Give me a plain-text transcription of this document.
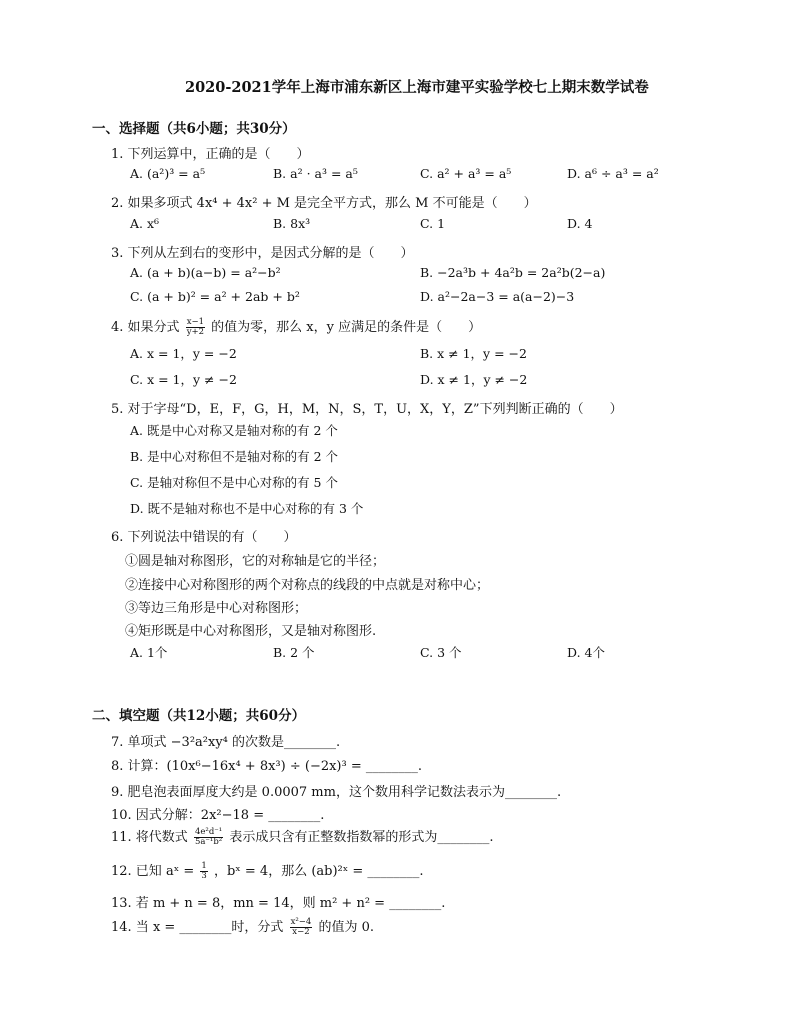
2020-2021学年上海市浦东新区上海市建平实验学校七上期末数学试卷
一、选择题（共6小题；共30分）
1. 下列运算中，正确的是（　　）
A. (a²)³ = a⁵	B. a² · a³ = a⁵	C. a² + a³ = a⁵	D. a⁶ ÷ a³ = a²
2. 如果多项式 4x⁴ + 4x² + M 是完全平方式，那么 M 不可能是（　　）
A. x⁶	B. 8x³	C. 1	D. 4
3. 下列从左到右的变形中，是因式分解的是（　　）
A. (a + b)(a−b) = a²−b²	B. −2a³b + 4a²b = 2a²b(2−a)
C. (a + b)² = a² + 2ab + b²	D. a²−2a−3 = a(a−2)−3
4. 如果分式 $\frac{x-1}{y+2}$ 的值为零，那么 x，y 应满足的条件是（　　）
A. x = 1，y = −2	B. x ≠ 1，y = −2
C. x = 1，y ≠ −2	D. x ≠ 1，y ≠ −2
5. 对于字母“D，E，F，G，H，M，N，S，T，U，X，Y，Z”下列判断正确的（　　）
A. 既是中心对称又是轴对称的有 2 个
B. 是中心对称但不是轴对称的有 2 个
C. 是轴对称但不是中心对称的有 5 个
D. 既不是轴对称也不是中心对称的有 3 个
6. 下列说法中错误的有（　　）
①圆是轴对称图形，它的对称轴是它的半径；
②连接中心对称图形的两个对称点的线段的中点就是对称中心；
③等边三角形是中心对称图形；
④矩形既是中心对称图形，又是轴对称图形.
A. 1个	B. 2 个	C. 3 个	D. 4个
二、填空题（共12小题；共60分）
7. 单项式 −3²a²xy⁴ 的次数是________.
8. 计算：(10x⁶−16x⁴ + 8x³) ÷ (−2x)³ = ________.
9. 肥皂泡表面厚度大约是 0.0007 mm，这个数用科学记数法表示为________.
10. 因式分解：2x²−18 = ________.
11. 将代数式 $\frac{\text{4e²d⁻¹}}{\text{5a⁻¹b²}}$ 表示成只含有正整数指数幂的形式为________.
12. 已知 aˣ = $\frac{1}{3}$ ，bˣ = 4，那么 (ab)²ˣ = ________.
13. 若 m + n = 8，mn = 14，则 m² + n² = ________.
14. 当 x = ________时，分式 $\frac{\text{x²−4}}{x-2}$ 的值为 0.
